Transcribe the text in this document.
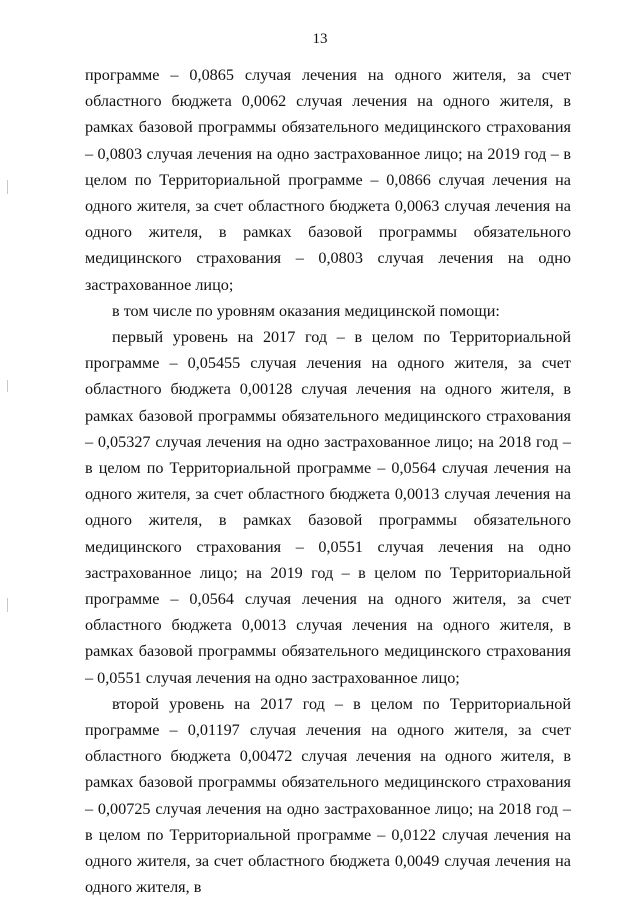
13

программе – 0,0865 случая лечения на одного жителя, за счет областного бюджета 0,0062 случая лечения на одного жителя, в рамках базовой программы обязательного медицинского страхования – 0,0803 случая лечения на одно застрахованное лицо; на 2019 год – в целом по Территориальной программе – 0,0866 случая лечения на одного жителя, за счет областного бюджета 0,0063 случая лечения на одного жителя, в рамках базовой программы обязательного медицинского страхования – 0,0803 случая лечения на одно застрахованное лицо;

в том числе по уровням оказания медицинской помощи:

первый уровень на 2017 год – в целом по Территориальной программе – 0,05455 случая лечения на одного жителя, за счет областного бюджета 0,00128 случая лечения на одного жителя, в рамках базовой программы обязательного медицинского страхования – 0,05327 случая лечения на одно застрахованное лицо; на 2018 год – в целом по Территориальной программе – 0,0564 случая лечения на одного жителя, за счет областного бюджета 0,0013 случая лечения на одного жителя, в рамках базовой программы обязательного медицинского страхования – 0,0551 случая лечения на одно застрахованное лицо; на 2019 год – в целом по Территориальной программе – 0,0564 случая лечения на одного жителя, за счет областного бюджета 0,0013 случая лечения на одного жителя, в рамках базовой программы обязательного медицинского страхования – 0,0551 случая лечения на одно застрахованное лицо;

второй уровень на 2017 год – в целом по Территориальной программе – 0,01197 случая лечения на одного жителя, за счет областного бюджета 0,00472 случая лечения на одного жителя, в рамках базовой программы обязательного медицинского страхования – 0,00725 случая лечения на одно застрахованное лицо; на 2018 год – в целом по Территориальной программе – 0,0122 случая лечения на одного жителя, за счет областного бюджета 0,0049 случая лечения на одного жителя, в
